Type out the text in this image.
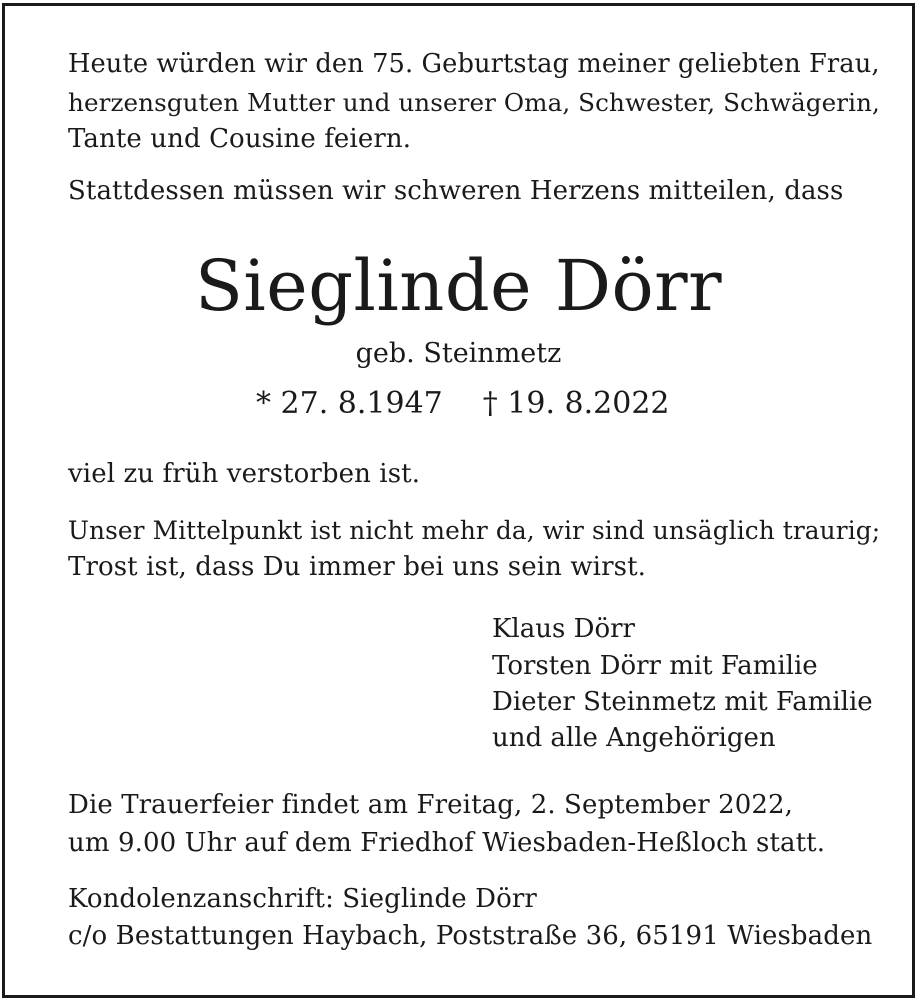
Heute würden wir den 75. Geburtstag meiner geliebten Frau,
herzensguten Mutter und unserer Oma, Schwester, Schwägerin,
Tante und Cousine feiern.
Stattdessen müssen wir schweren Herzens mitteilen, dass
Sieglinde Dörr
geb. Steinmetz
* 27. 8.1947 † 19. 8.2022
viel zu früh verstorben ist.
Unser Mittelpunkt ist nicht mehr da, wir sind unsäglich traurig;
Trost ist, dass Du immer bei uns sein wirst.
Klaus Dörr
Torsten Dörr mit Familie
Dieter Steinmetz mit Familie
und alle Angehörigen
Die Trauerfeier findet am Freitag, 2. September 2022,
um 9.00 Uhr auf dem Friedhof Wiesbaden-Heßloch statt.
Kondolenzanschrift: Sieglinde Dörr
c/o Bestattungen Haybach, Poststraße 36, 65191 Wiesbaden
